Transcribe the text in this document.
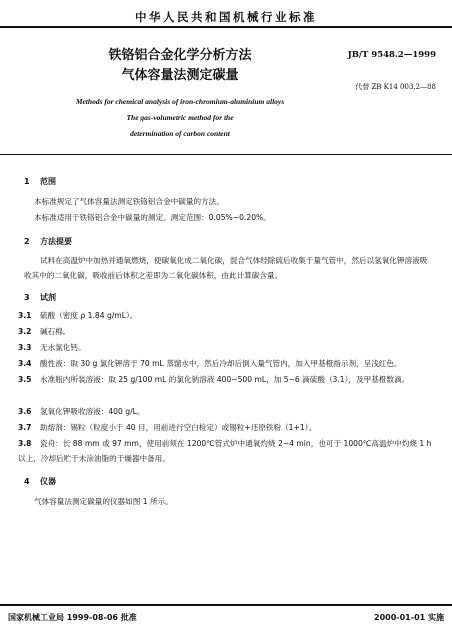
中华人民共和国机械行业标准
铁铬铝合金化学分析方法
气体容量法测定碳量
JB/T 9548.2—1999
代替 ZB K14 003.2—88
Methods for chemical analysis of iron-chromium-aluminium alloys
The gas-volumetric method for the
determination of carbon content
1 范围
本标准规定了气体容量法测定铁铬铝合金中碳量的方法。
本标准适用于铁铬铝合金中碳量的测定。测定范围：0.05%~0.20%。
2 方法提要
试料在高温炉中加热并通氧燃烧，使碳氧化成二氧化碳，混合气体经除硫后收集于量气管中，然后以氢氧化钾溶液吸收其中的二氧化碳，吸收前后体积之差即为二氧化碳体积，由此计算碳含量。
3 试剂
3.1 硫酸（密度 ρ 1.84 g/mL）。
3.2 碱石棉。
3.3 无水氯化钙。
3.4 酸性液：取 30 g 氯化钾溶于 70 mL 蒸馏水中，然后冷却后倒入量气管内，加入甲基橙指示剂，呈浅红色。
3.5 水准瓶内所装溶液：取 25 g/100 mL 的氯化钠溶液 400~500 mL，加 5~6 滴硫酸（3.1），及甲基橙数滴。
3.6 氢氧化钾吸收溶液：400 g/L。
3.7 助熔剂：锡粒（粒度小于 40 目，用前进行空白检定）或锡粒+还原铁粉（1+1）。
3.8 瓷舟：长 88 mm 或 97 mm，使用前须在 1200℃管式炉中通氧灼烧 2~4 min，也可于 1000℃高温炉中灼烧 1 h 以上，冷却后贮于未涂油脂的干燥器中备用。
4 仪器
气体容量法测定碳量的仪器如图 1 所示。
国家机械工业局 1999-08-06 批准	2000-01-01 实施
